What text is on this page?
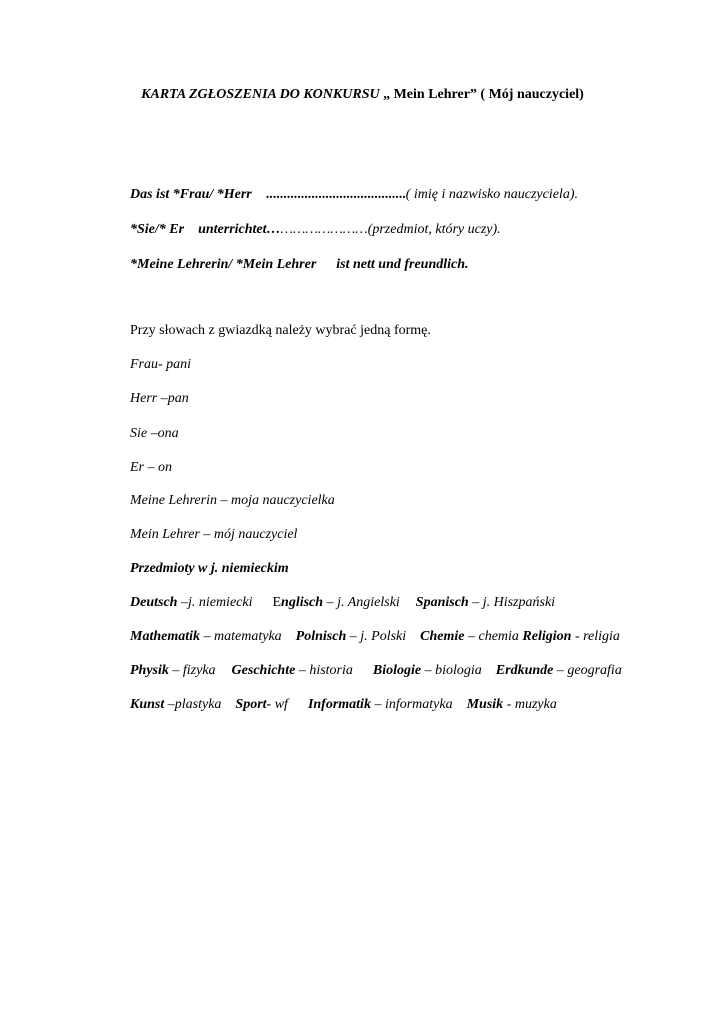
KARTA ZGŁOSZENIA DO KONKURSU „ Mein Lehrer” ( Mój nauczyciel)
Das ist *Frau/ *Herr ........................................( imię i nazwisko nauczyciela).
*Sie/* Er unterrichtet……………………(przedmiot, który uczy).
*Meine Lehrerin/ *Mein Lehrer ist nett und freundlich.
Przy słowach z gwiazdką należy wybrać jedną formę.
Frau- pani
Herr –pan
Sie –ona
Er – on
Meine Lehrerin – moja nauczycielka
Mein Lehrer – mój nauczyciel
Przedmioty w j. niemieckim
Deutsch –j. niemiecki Englisch – j. Angielski Spanisch – j. Hiszpański
Mathematik – matematyka Polnisch – j. Polski Chemie – chemia Religion - religia
Physik – fizyka Geschichte – historia Biologie – biologia Erdkunde – geografia
Kunst –plastyka Sport- wf Informatik – informatyka Musik - muzyka
